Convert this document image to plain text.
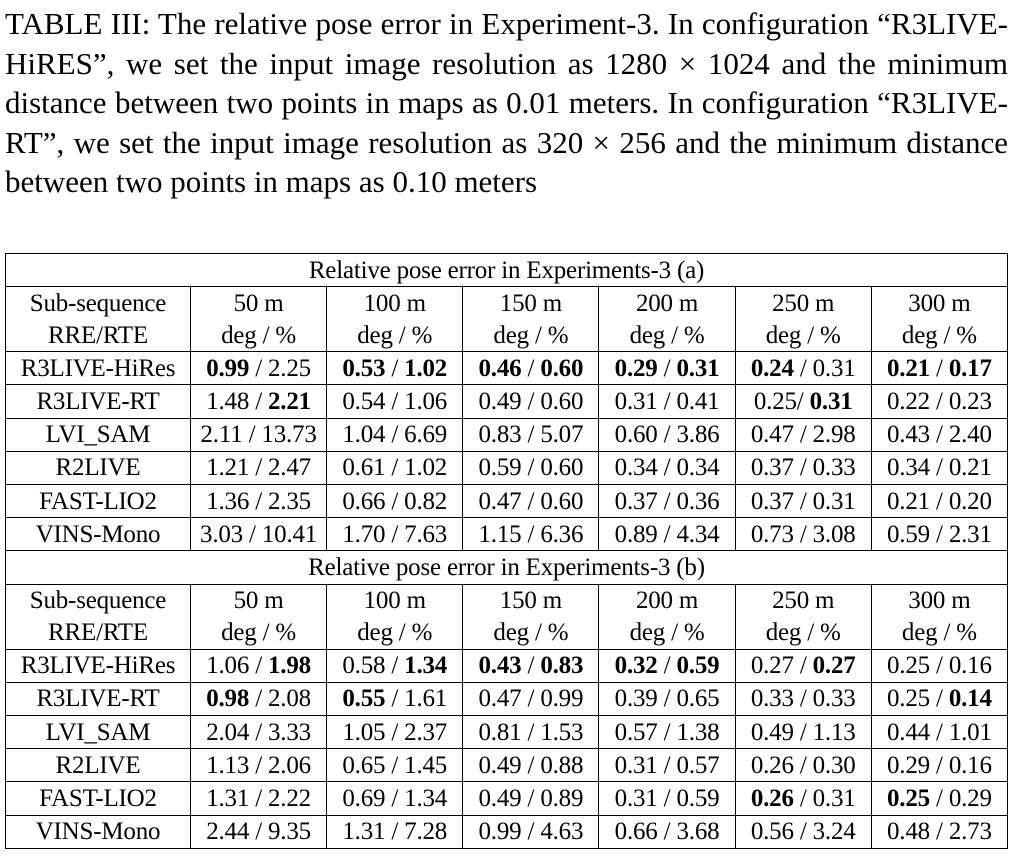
TABLE III: The relative pose error in Experiment-3. In configuration “R3LIVE-HiRES”, we set the input image resolution as 1280 × 1024 and the minimum distance between two points in maps as 0.01 meters. In configuration “R3LIVE-RT”, we set the input image resolution as 320 × 256 and the minimum distance between two points in maps as 0.10 meters
Relative pose error in Experiments-3 (a)						
Sub-sequence	50 m	100 m	150 m	200 m	250 m	300 m
RRE/RTE	deg / %	deg / %	deg / %	deg / %	deg / %	deg / %
R3LIVE-HiRes	0.99 / 2.25	0.53 / 1.02	0.46 / 0.60	0.29 / 0.31	0.24 / 0.31	0.21 / 0.17
R3LIVE-RT	1.48 / 2.21	0.54 / 1.06	0.49 / 0.60	0.31 / 0.41	0.25/ 0.31	0.22 / 0.23
LVI_SAM	2.11 / 13.73	1.04 / 6.69	0.83 / 5.07	0.60 / 3.86	0.47 / 2.98	0.43 / 2.40
R2LIVE	1.21 / 2.47	0.61 / 1.02	0.59 / 0.60	0.34 / 0.34	0.37 / 0.33	0.34 / 0.21
FAST-LIO2	1.36 / 2.35	0.66 / 0.82	0.47 / 0.60	0.37 / 0.36	0.37 / 0.31	0.21 / 0.20
VINS-Mono	3.03 / 10.41	1.70 / 7.63	1.15 / 6.36	0.89 / 4.34	0.73 / 3.08	0.59 / 2.31
Relative pose error in Experiments-3 (b)						
Sub-sequence	50 m	100 m	150 m	200 m	250 m	300 m
RRE/RTE	deg / %	deg / %	deg / %	deg / %	deg / %	deg / %
R3LIVE-HiRes	1.06 / 1.98	0.58 / 1.34	0.43 / 0.83	0.32 / 0.59	0.27 / 0.27	0.25 / 0.16
R3LIVE-RT	0.98 / 2.08	0.55 / 1.61	0.47 / 0.99	0.39 / 0.65	0.33 / 0.33	0.25 / 0.14
LVI_SAM	2.04 / 3.33	1.05 / 2.37	0.81 / 1.53	0.57 / 1.38	0.49 / 1.13	0.44 / 1.01
R2LIVE	1.13 / 2.06	0.65 / 1.45	0.49 / 0.88	0.31 / 0.57	0.26 / 0.30	0.29 / 0.16
FAST-LIO2	1.31 / 2.22	0.69 / 1.34	0.49 / 0.89	0.31 / 0.59	0.26 / 0.31	0.25 / 0.29
VINS-Mono	2.44 / 9.35	1.31 / 7.28	0.99 / 4.63	0.66 / 3.68	0.56 / 3.24	0.48 / 2.73
